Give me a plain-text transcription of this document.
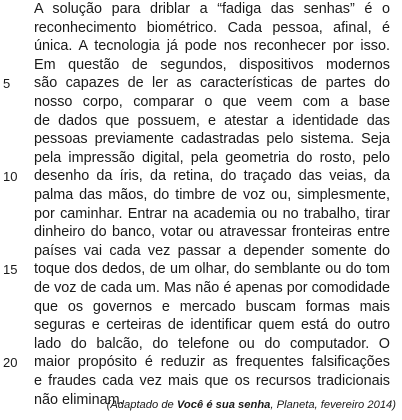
A solução para driblar a “fadiga das senhas” é o
reconhecimento biométrico. Cada pessoa, afinal, é
única. A tecnologia já pode nos reconhecer por isso.
Em questão de segundos, dispositivos modernos
são capazes de ler as características de partes do
nosso corpo, comparar o que veem com a base
de dados que possuem, e atestar a identidade das
pessoas previamente cadastradas pelo sistema. Seja
pela impressão digital, pela geometria do rosto, pelo
desenho da íris, da retina, do traçado das veias, da
palma das mãos, do timbre de voz ou, simplesmente,
por caminhar. Entrar na academia ou no trabalho, tirar
dinheiro do banco, votar ou atravessar fronteiras entre
países vai cada vez passar a depender somente do
toque dos dedos, de um olhar, do semblante ou do tom
de voz de cada um. Mas não é apenas por comodidade
que os governos e mercado buscam formas mais
seguras e certeiras de identificar quem está do outro
lado do balcão, do telefone ou do computador. O
maior propósito é reduzir as frequentes falsificações
e fraudes cada vez mais que os recursos tradicionais
não eliminam.
5
10
15
20
(Adaptado de Você é sua senha, Planeta, fevereiro 2014)
